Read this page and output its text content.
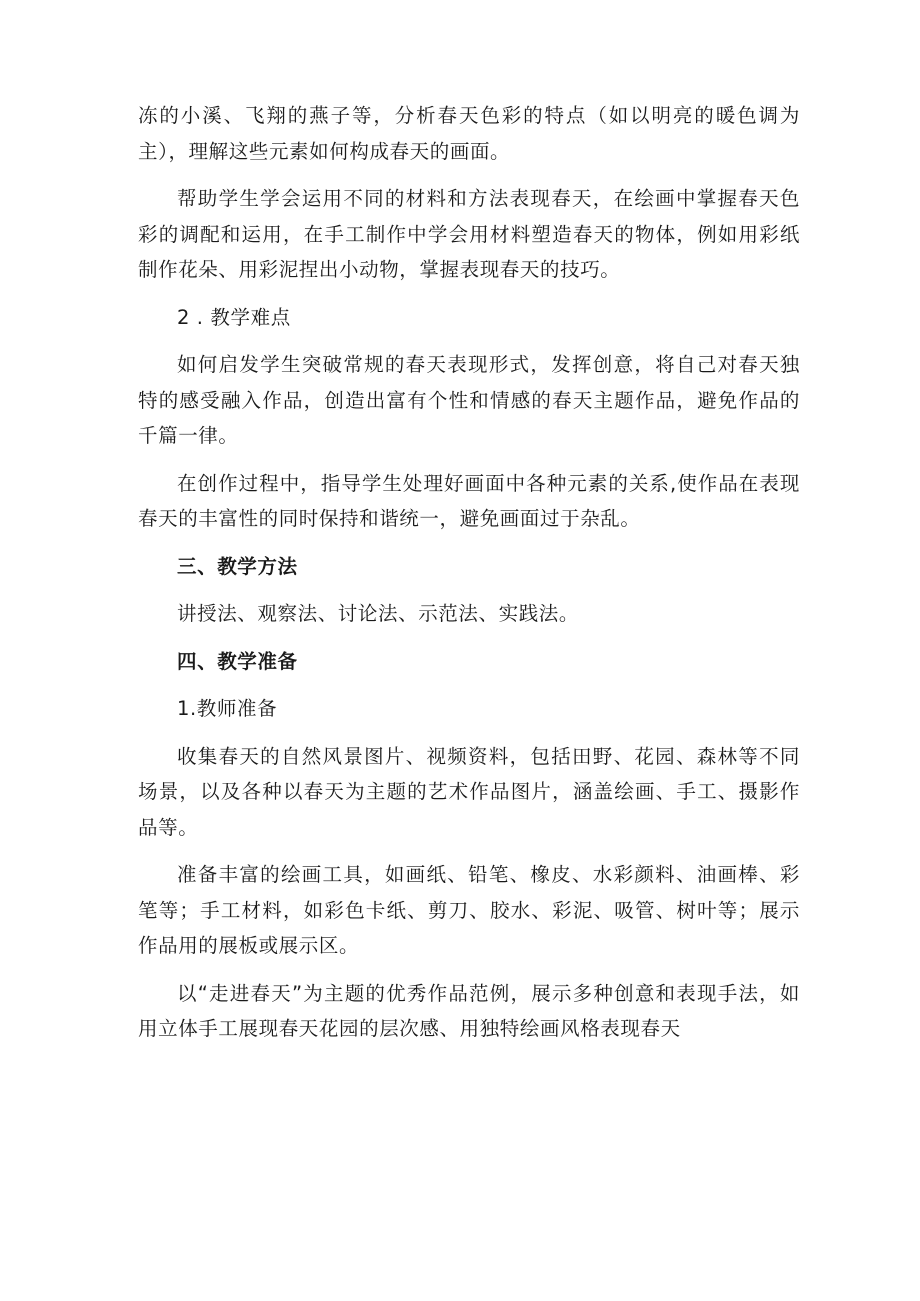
冻的小溪、飞翔的燕子等，分析春天色彩的特点（如以明亮的暖色调为主），理解这些元素如何构成春天的画面。

帮助学生学会运用不同的材料和方法表现春天，在绘画中掌握春天色彩的调配和运用，在手工制作中学会用材料塑造春天的物体，例如用彩纸制作花朵、用彩泥捏出小动物，掌握表现春天的技巧。

2 . 教学难点

如何启发学生突破常规的春天表现形式，发挥创意，将自己对春天独特的感受融入作品，创造出富有个性和情感的春天主题作品，避免作品的千篇一律。

在创作过程中，指导学生处理好画面中各种元素的关系,使作品在表现春天的丰富性的同时保持和谐统一，避免画面过于杂乱。

三、教学方法

讲授法、观察法、讨论法、示范法、实践法。

四、教学准备

1.教师准备

收集春天的自然风景图片、视频资料，包括田野、花园、森林等不同场景，以及各种以春天为主题的艺术作品图片，涵盖绘画、手工、摄影作品等。

准备丰富的绘画工具，如画纸、铅笔、橡皮、水彩颜料、油画棒、彩笔等；手工材料，如彩色卡纸、剪刀、胶水、彩泥、吸管、树叶等；展示作品用的展板或展示区。

以“走进春天”为主题的优秀作品范例，展示多种创意和表现手法，如用立体手工展现春天花园的层次感、用独特绘画风格表现春天
